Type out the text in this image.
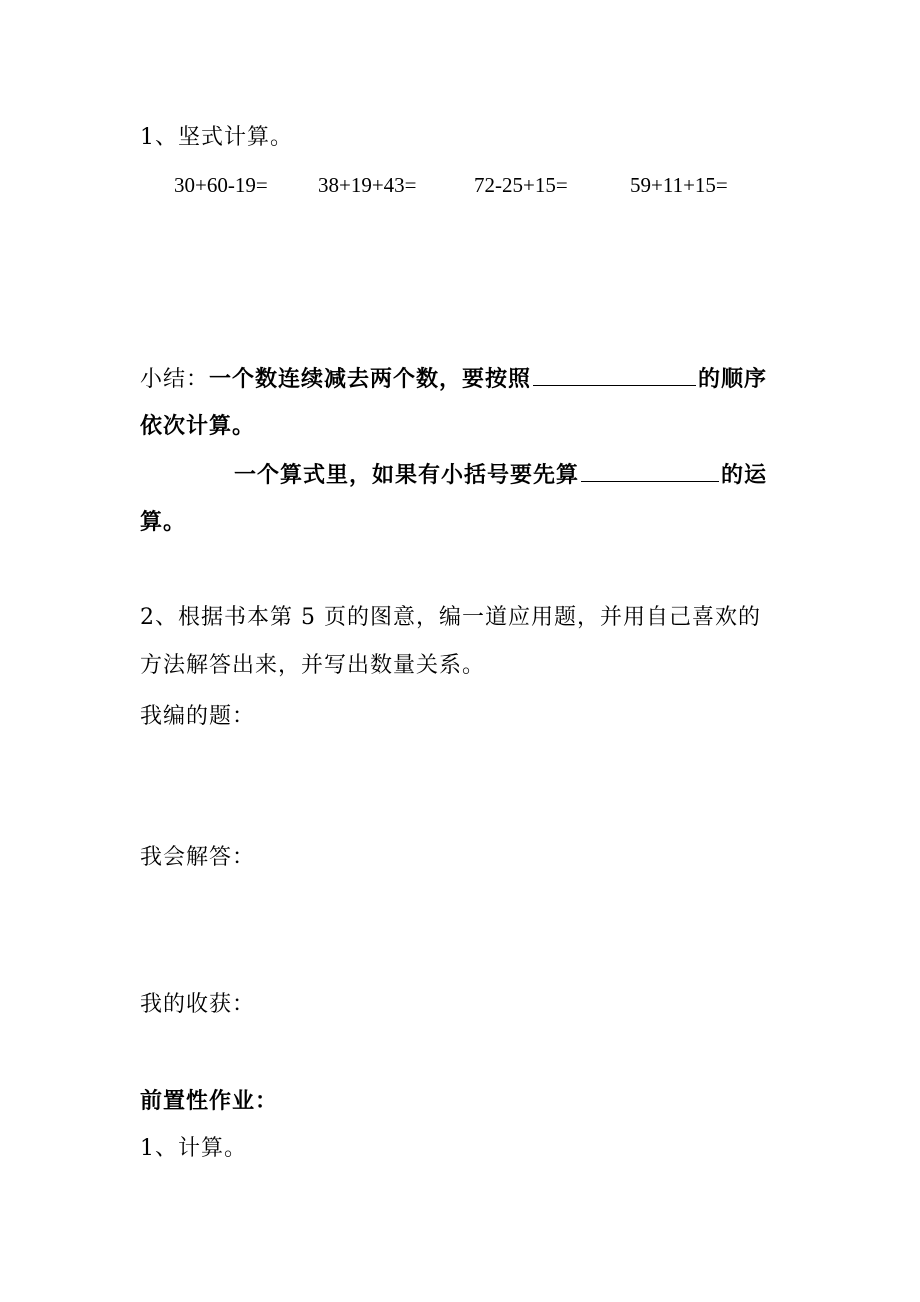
1、坚式计算。
30+60-19= 38+19+43=	72-25+15=	59+11+15=
小结：一个数连续减去两个数，要按照	的顺序
依次计算。
一个算式里，如果有小括号要先算	的运
算。
2、根据书本第 5 页的图意，编一道应用题，并用自己喜欢的
方法解答出来，并写出数量关系。
我编的题：
我会解答：
我的收获：
前置性作业：
1、计算。
